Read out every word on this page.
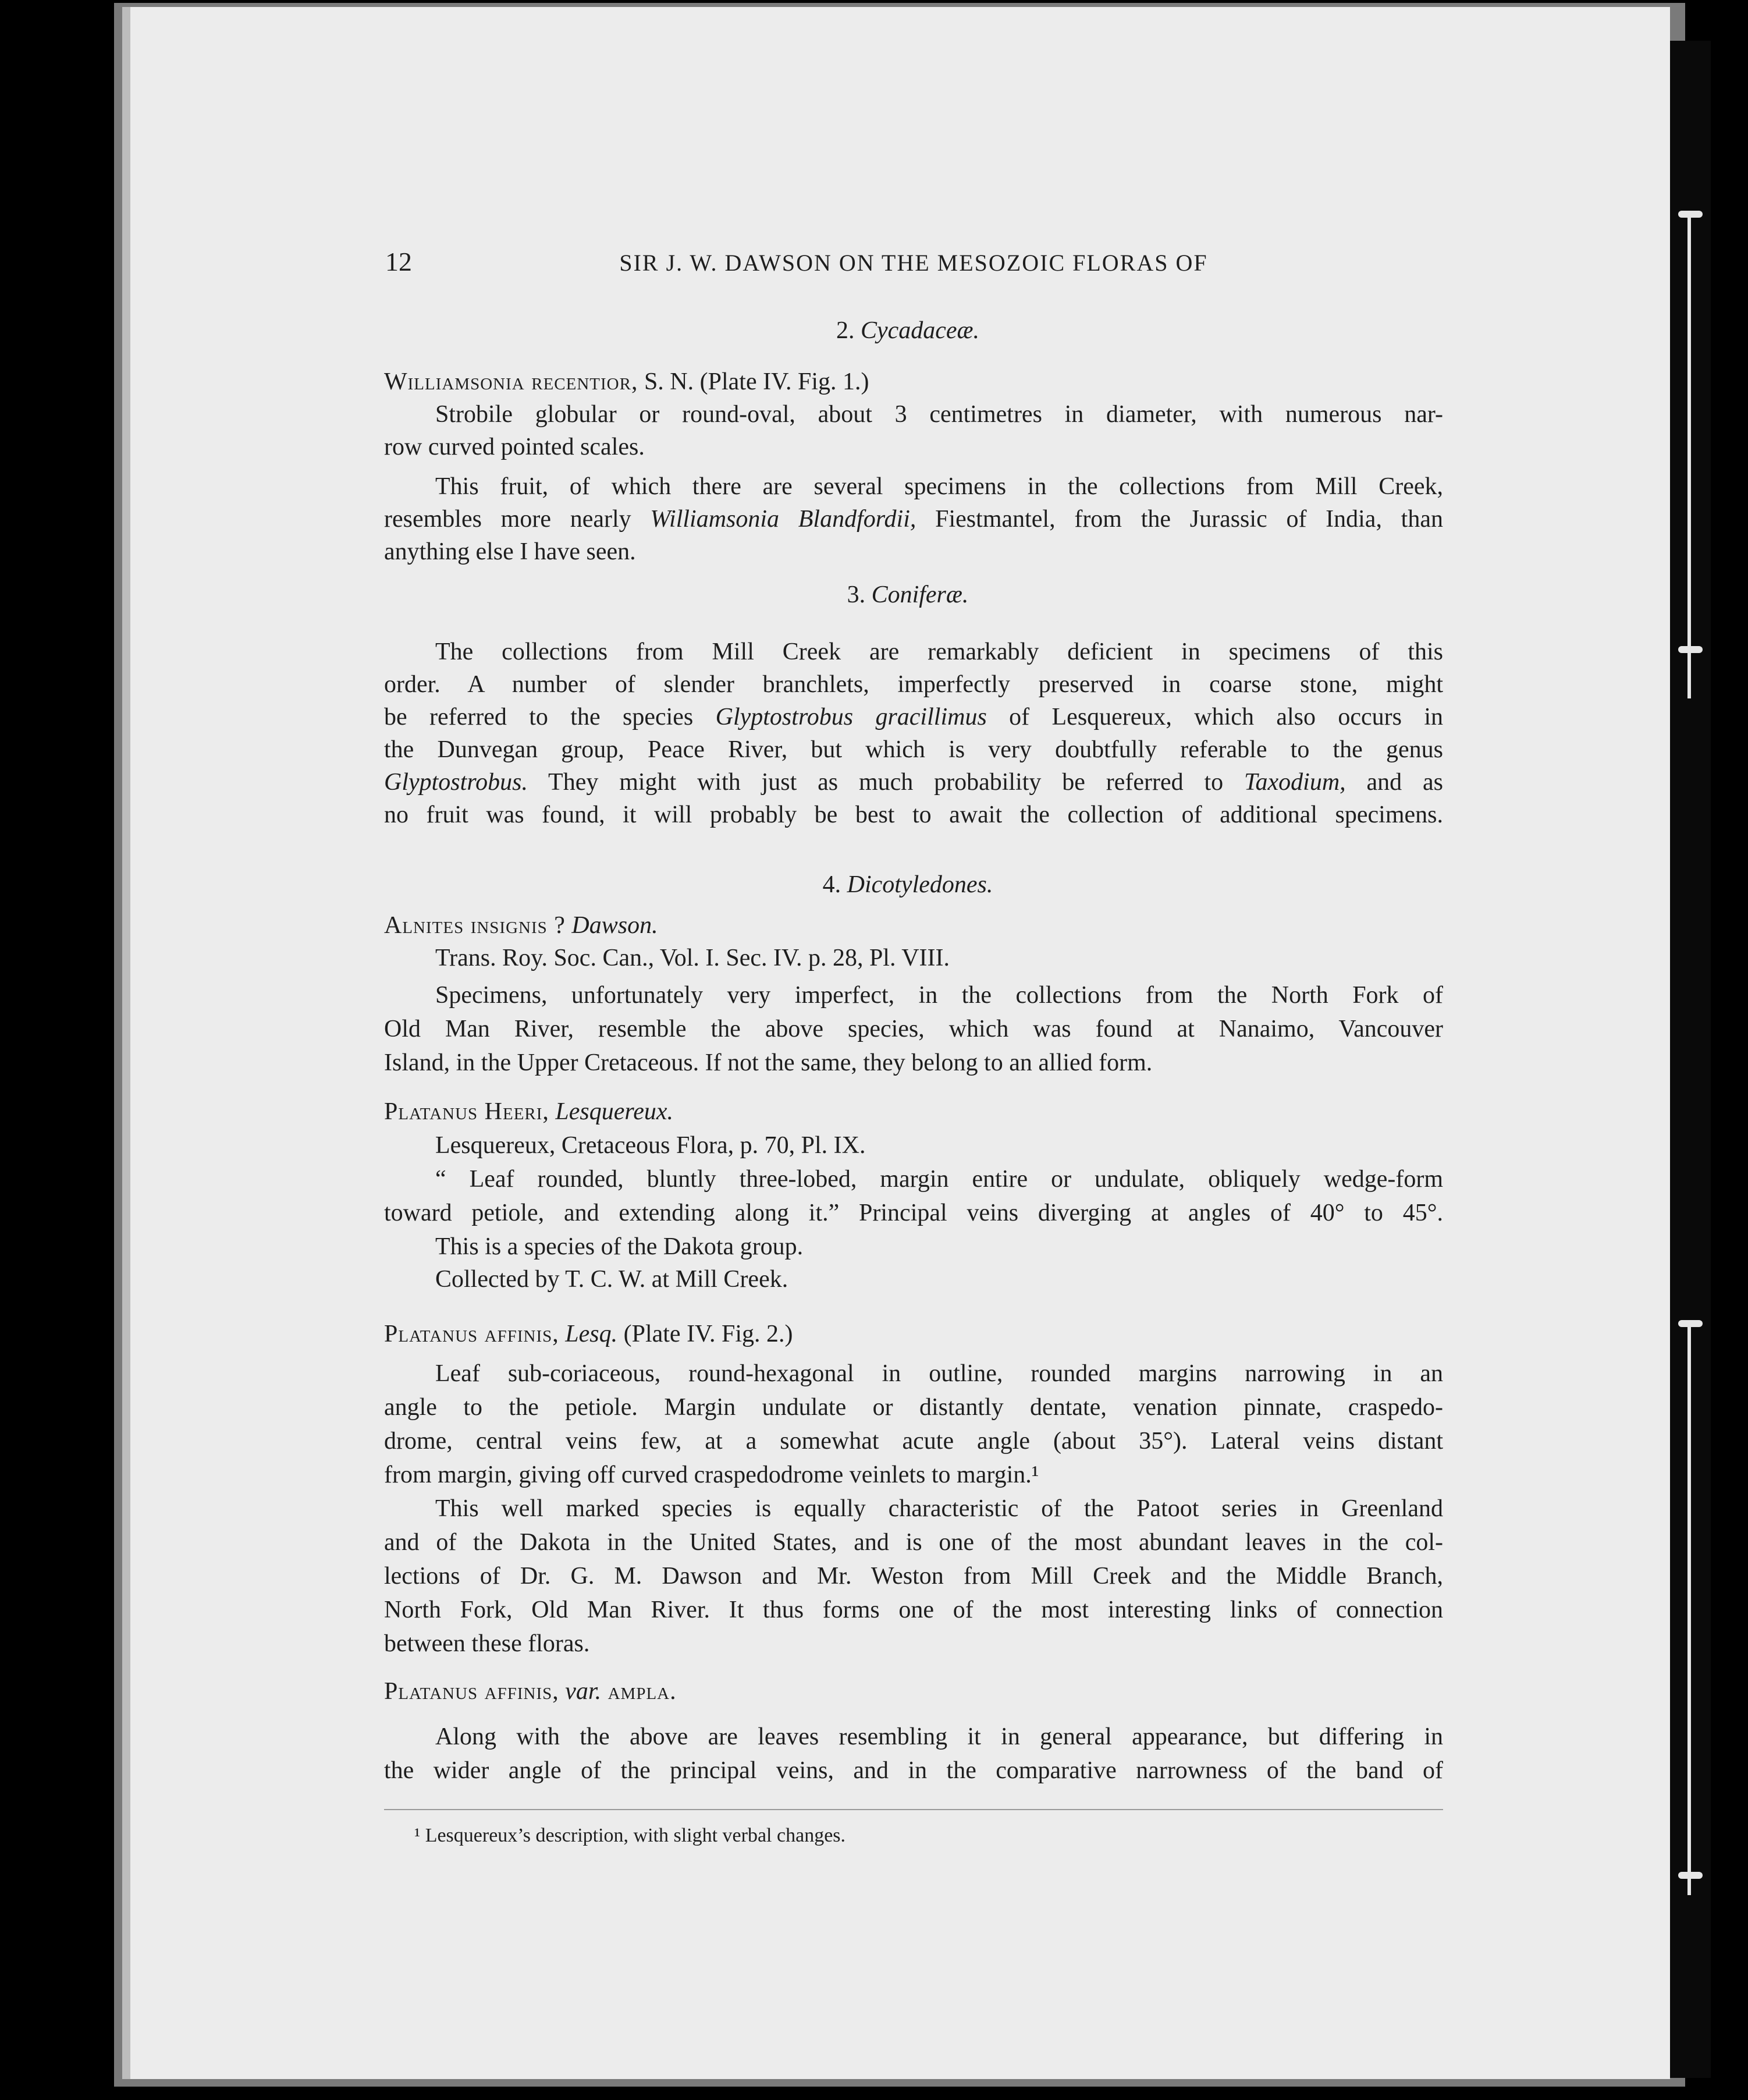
12	SIR J. W. DAWSON ON THE MESOZOIC FLORAS OF
2. Cycadaceæ.
Williamsonia recentior, S. N. (Plate IV. Fig. 1.)
Strobile globular or round-oval, about 3 centimetres in diameter, with numerous nar-
row curved pointed scales.
This fruit, of which there are several specimens in the collections from Mill Creek,
resembles more nearly Williamsonia Blandfordii, Fiestmantel, from the Jurassic of India, than
anything else I have seen.
3. Coniferæ.
The collections from Mill Creek are remarkably deficient in specimens of this
order. A number of slender branchlets, imperfectly preserved in coarse stone, might
be referred to the species Glyptostrobus gracillimus of Lesquereux, which also occurs in
the Dunvegan group, Peace River, but which is very doubtfully referable to the genus
Glyptostrobus. They might with just as much probability be referred to Taxodium, and as
no fruit was found, it will probably be best to await the collection of additional specimens.
4. Dicotyledones.
Alnites insignis ? Dawson.
Trans. Roy. Soc. Can., Vol. I. Sec. IV. p. 28, Pl. VIII.
Specimens, unfortunately very imperfect, in the collections from the North Fork of
Old Man River, resemble the above species, which was found at Nanaimo, Vancouver
Island, in the Upper Cretaceous. If not the same, they belong to an allied form.
Platanus Heeri, Lesquereux.
Lesquereux, Cretaceous Flora, p. 70, Pl. IX.
“ Leaf rounded, bluntly three-lobed, margin entire or undulate, obliquely wedge-form
toward petiole, and extending along it.” Principal veins diverging at angles of 40° to 45°.
This is a species of the Dakota group.
Collected by T. C. W. at Mill Creek.
Platanus affinis, Lesq. (Plate IV. Fig. 2.)
Leaf sub-coriaceous, round-hexagonal in outline, rounded margins narrowing in an
angle to the petiole. Margin undulate or distantly dentate, venation pinnate, craspedo-
drome, central veins few, at a somewhat acute angle (about 35°). Lateral veins distant
from margin, giving off curved craspedodrome veinlets to margin.¹
This well marked species is equally characteristic of the Patoot series in Greenland
and of the Dakota in the United States, and is one of the most abundant leaves in the col-
lections of Dr. G. M. Dawson and Mr. Weston from Mill Creek and the Middle Branch,
North Fork, Old Man River. It thus forms one of the most interesting links of connection
between these floras.
Platanus affinis, var. ampla.
Along with the above are leaves resembling it in general appearance, but differing in
the wider angle of the principal veins, and in the comparative narrowness of the band of
¹ Lesquereux’s description, with slight verbal changes.
